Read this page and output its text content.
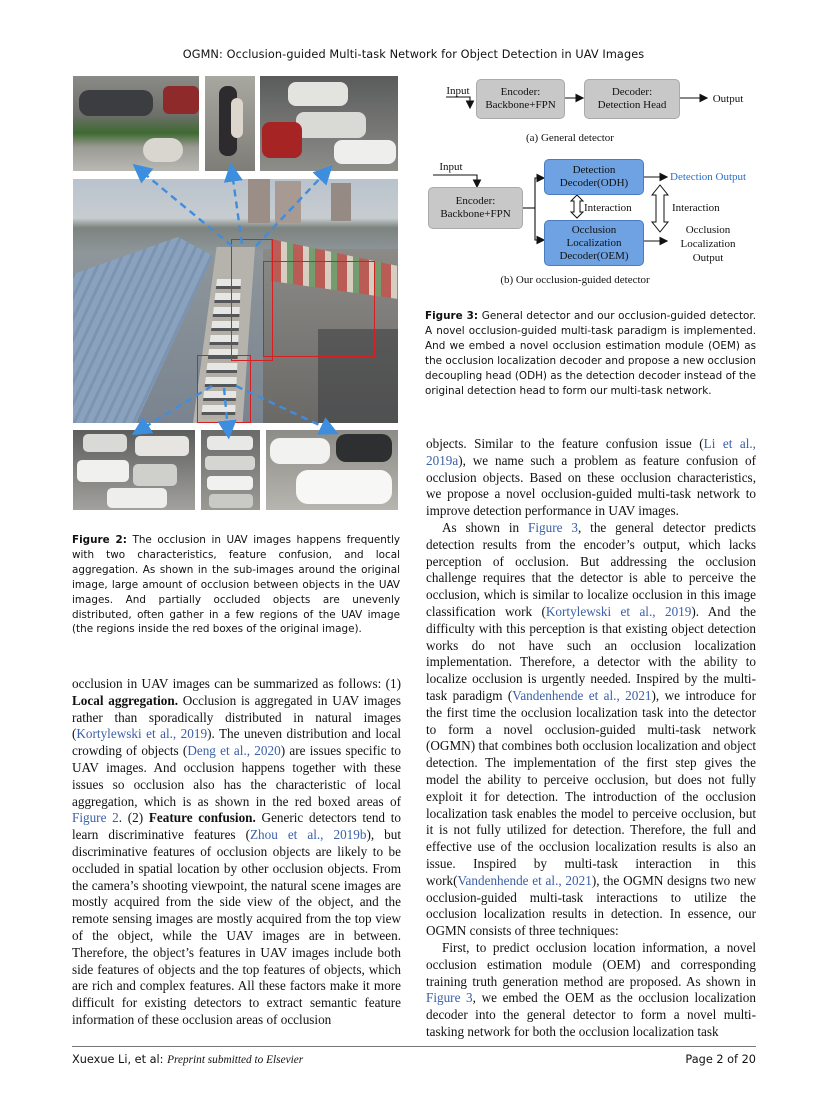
OGMN: Occlusion-guided Multi-task Network for Object Detection in UAV Images
Figure 2: The occlusion in UAV images happens frequently with two characteristics, feature confusion, and local aggregation. As shown in the sub-images around the original image, large amount of occlusion between objects in the UAV images. And partially occluded objects are unevenly distributed, often gather in a few regions of the UAV image (the regions inside the red boxes of the original image).
Input	Encoder:
Backbone+FPN
Decoder:
Detection Head	Output
(a) General detector
Input
Encoder:
Backbone+FPN
Detection
Decoder(ODH)
Interaction
Occlusion
Localization
Decoder(OEM)
Detection Output
Interaction
Occlusion
Localization
Output
(b) Our occlusion-guided detector
Figure 3: General detector and our occlusion-guided detector. A novel occlusion-guided multi-task paradigm is implemented. And we embed a novel occlusion estimation module (OEM) as the occlusion localization decoder and propose a new occlusion decoupling head (ODH) as the detection decoder instead of the original detection head to form our multi-task network.

occlusion in UAV images can be summarized as follows: (1) Local aggregation. Occlusion is aggregated in UAV images rather than sporadically distributed in natural images (Kortylewski et al., 2019). The uneven distribution and local crowding of objects (Deng et al., 2020) are issues specific to UAV images. And occlusion happens together with these issues so occlusion also has the characteristic of local aggregation, which is as shown in the red boxed areas of Figure 2. (2) Feature confusion. Generic detectors tend to learn discriminative features (Zhou et al., 2019b), but discriminative features of occlusion objects are likely to be occluded in spatial location by other occlusion objects. From the camera’s shooting viewpoint, the natural scene images are mostly acquired from the side view of the object, and the remote sensing images are mostly acquired from the top view of the object, while the UAV images are in between. Therefore, the object’s features in UAV images include both side features of objects and the top features of objects, which are rich and complex features. All these factors make it more difficult for existing detectors to extract semantic feature information of these occlusion areas of occlusion

objects. Similar to the feature confusion issue (Li et al., 2019a), we name such a problem as feature confusion of occlusion objects. Based on these occlusion characteristics, we propose a novel occlusion-guided multi-task network to improve detection performance in UAV images.

As shown in Figure 3, the general detector predicts detection results from the encoder’s output, which lacks perception of occlusion. But addressing the occlusion challenge requires that the detector is able to perceive the occlusion, which is similar to localize occlusion in this image classification work (Kortylewski et al., 2019). And the difficulty with this perception is that existing object detection works do not have such an occlusion localization implementation. Therefore, a detector with the ability to localize occlusion is urgently needed. Inspired by the multi-task paradigm (Vandenhende et al., 2021), we introduce for the first time the occlusion localization task into the detector to form a novel occlusion-guided multi-task network (OGMN) that combines both occlusion localization and object detection. The implementation of the first step gives the model the ability to perceive occlusion, but does not fully exploit it for detection. The introduction of the occlusion localization task enables the model to perceive occlusion, but it is not fully utilized for detection. Therefore, the full and effective use of the occlusion localization results is also an issue. Inspired by multi-task interaction in this work(Vandenhende et al., 2021), the OGMN designs two new occlusion-guided multi-task interactions to utilize the occlusion localization results in detection. In essence, our OGMN consists of three techniques:

First, to predict occlusion location information, a novel occlusion estimation module (OEM) and corresponding training truth generation method are proposed. As shown in Figure 3, we embed the OEM as the occlusion localization decoder into the general detector to form a novel multi-tasking network for both the occlusion localization task

Xuexue Li, et al: Preprint submitted to Elsevier	Page 2 of 20
